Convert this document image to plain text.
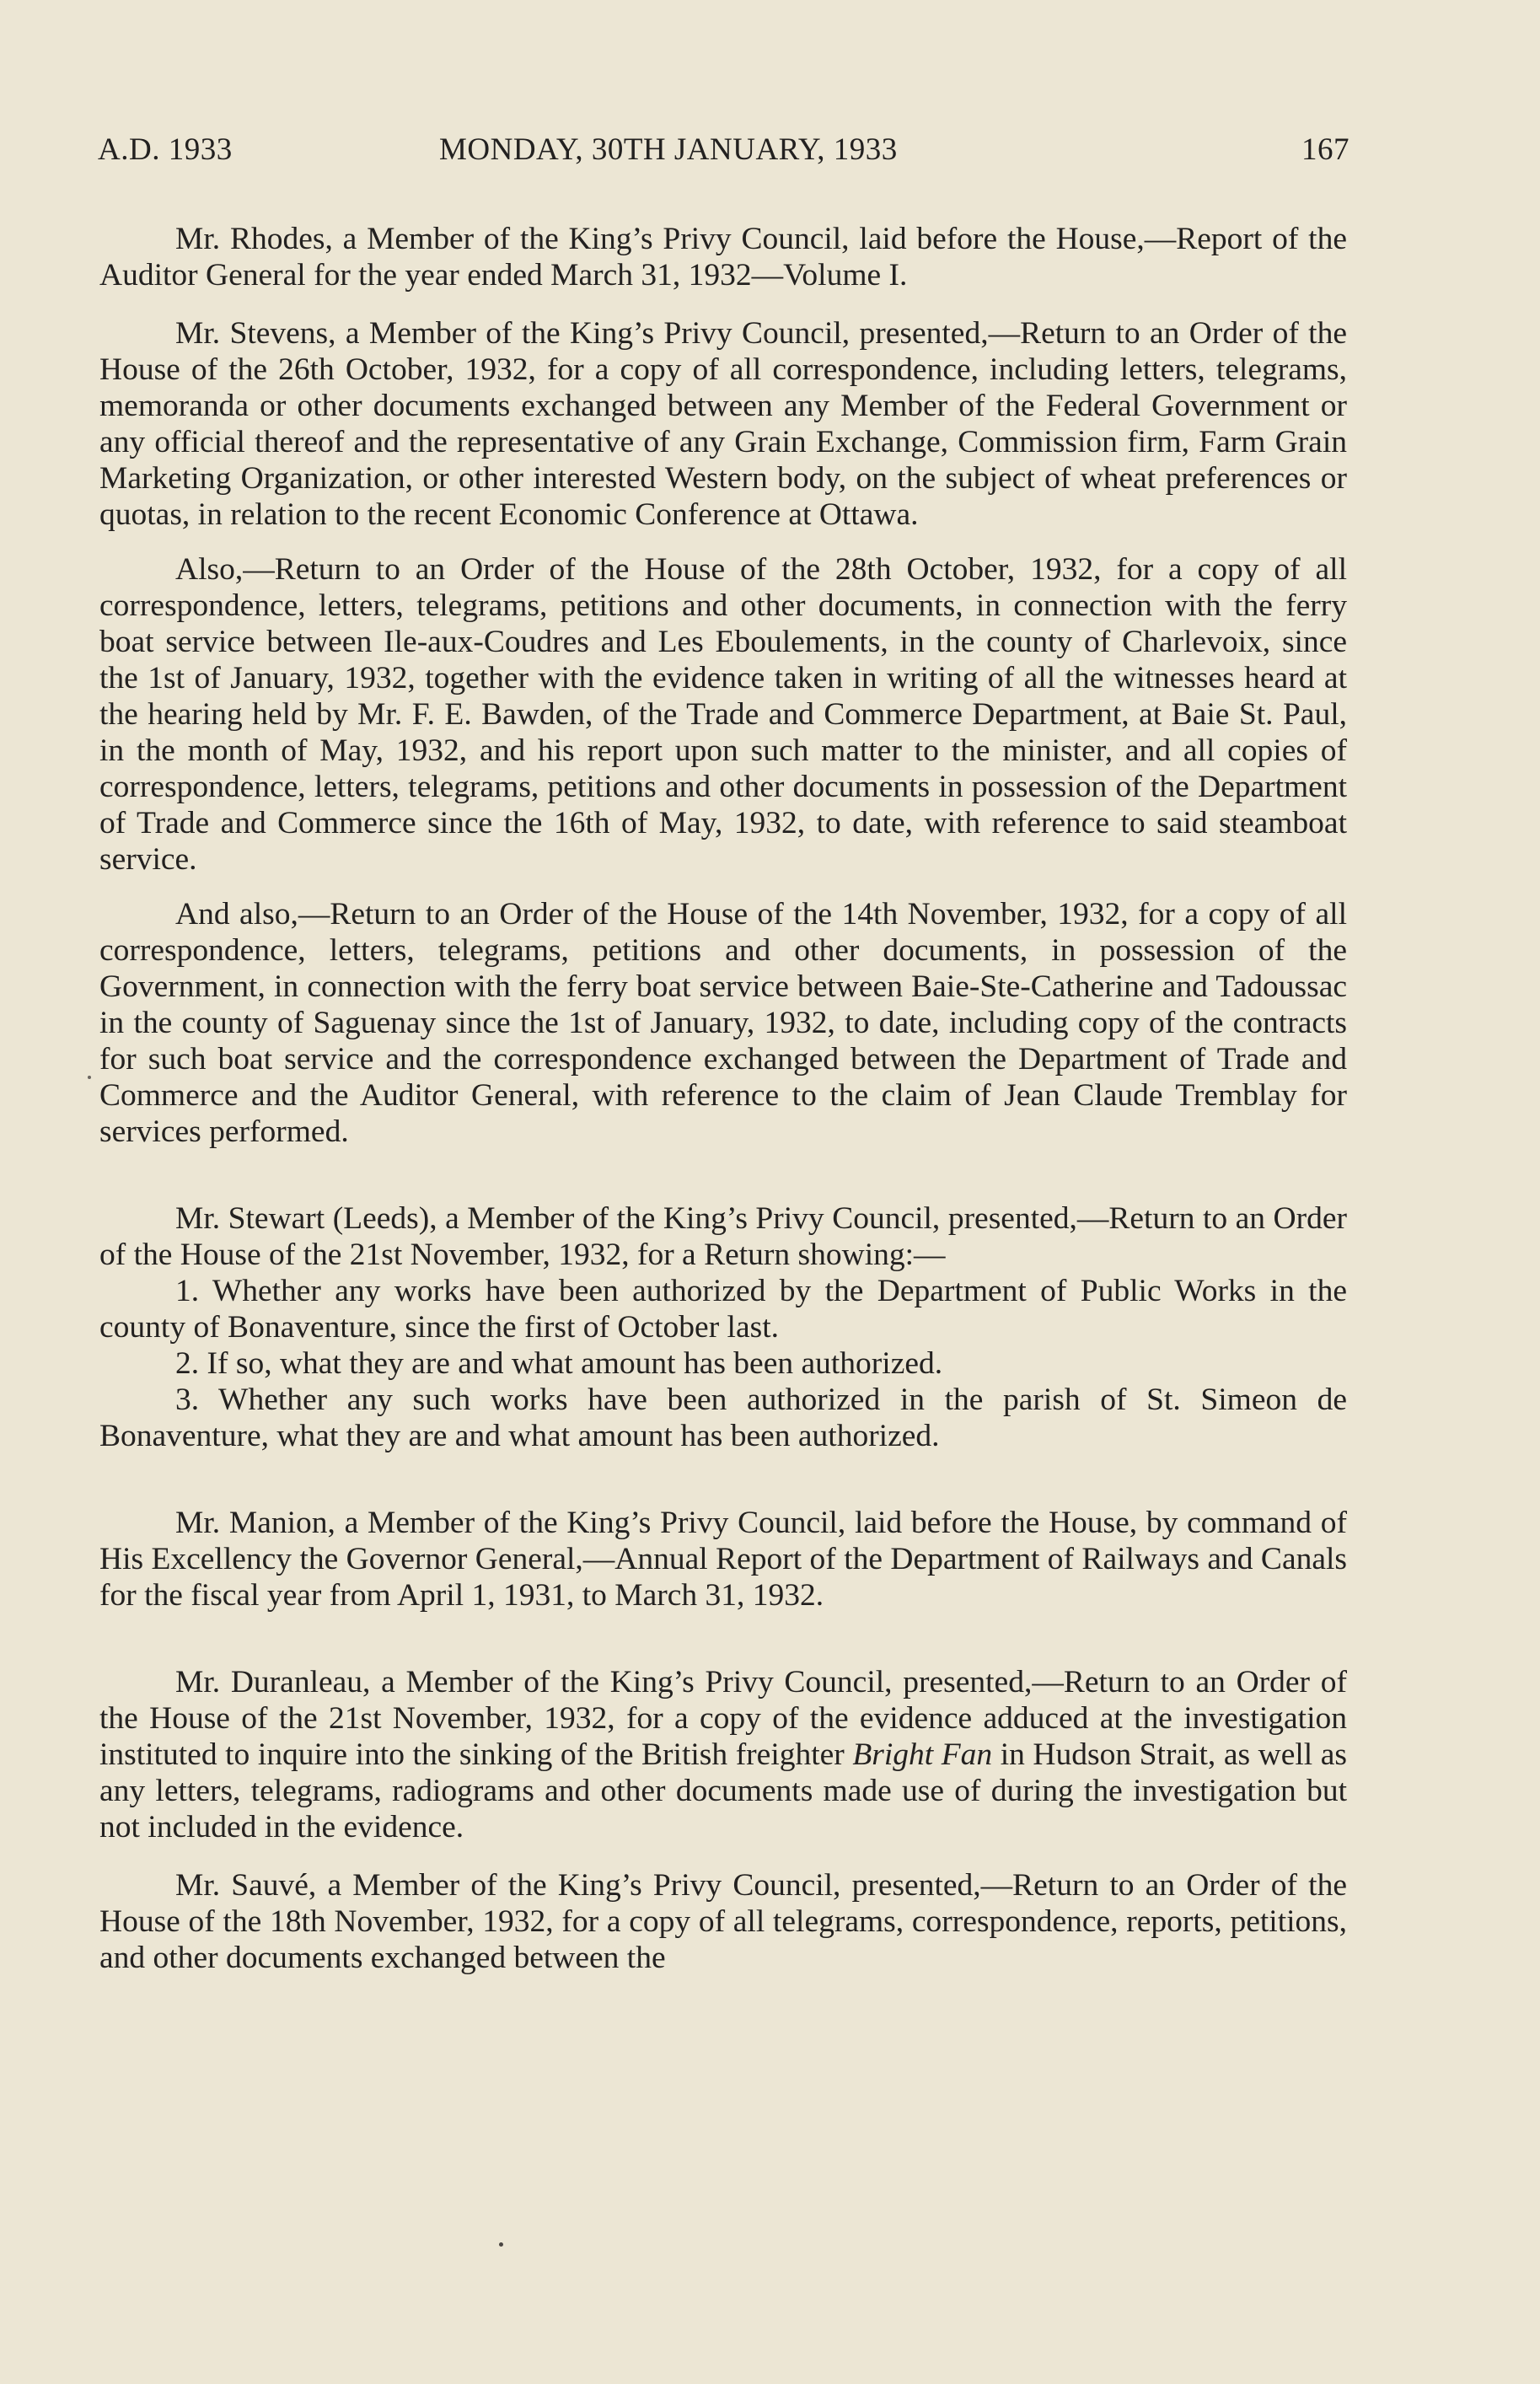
A.D. 1933	MONDAY, 30TH JANUARY, 1933	167

Mr. Rhodes, a Member of the King’s Privy Council, laid before the House,—Report of the Auditor General for the year ended March 31, 1932—Volume I.

Mr. Stevens, a Member of the King’s Privy Council, presented,—Return to an Order of the House of the 26th October, 1932, for a copy of all correspondence, including letters, telegrams, memoranda or other documents exchanged between any Member of the Federal Government or any official thereof and the representative of any Grain Exchange, Commission firm, Farm Grain Marketing Organization, or other interested Western body, on the subject of wheat preferences or quotas, in relation to the recent Economic Conference at Ottawa.

Also,—Return to an Order of the House of the 28th October, 1932, for a copy of all correspondence, letters, telegrams, petitions and other documents, in connection with the ferry boat service between Ile-aux-Coudres and Les Eboulements, in the county of Charlevoix, since the 1st of January, 1932, together with the evidence taken in writing of all the witnesses heard at the hearing held by Mr. F. E. Bawden, of the Trade and Commerce Department, at Baie St. Paul, in the month of May, 1932, and his report upon such matter to the minister, and all copies of correspondence, letters, telegrams, petitions and other documents in possession of the Department of Trade and Commerce since the 16th of May, 1932, to date, with reference to said steamboat service.

And also,—Return to an Order of the House of the 14th November, 1932, for a copy of all correspondence, letters, telegrams, petitions and other documents, in possession of the Government, in connection with the ferry boat service between Baie-Ste-Catherine and Tadoussac in the county of Saguenay since the 1st of January, 1932, to date, including copy of the contracts for such boat service and the correspondence exchanged between the Department of Trade and Commerce and the Auditor General, with reference to the claim of Jean Claude Tremblay for services performed.

Mr. Stewart (Leeds), a Member of the King’s Privy Council, presented,—Return to an Order of the House of the 21st November, 1932, for a Return showing:—

1. Whether any works have been authorized by the Department of Public Works in the county of Bonaventure, since the first of October last.

2. If so, what they are and what amount has been authorized.

3. Whether any such works have been authorized in the parish of St. Simeon de Bonaventure, what they are and what amount has been authorized.

Mr. Manion, a Member of the King’s Privy Council, laid before the House, by command of His Excellency the Governor General,—Annual Report of the Department of Railways and Canals for the fiscal year from April 1, 1931, to March 31, 1932.

Mr. Duranleau, a Member of the King’s Privy Council, presented,—Return to an Order of the House of the 21st November, 1932, for a copy of the evidence adduced at the investigation instituted to inquire into the sinking of the British freighter Bright Fan in Hudson Strait, as well as any letters, telegrams, radiograms and other documents made use of during the investigation but not included in the evidence.

Mr. Sauvé, a Member of the King’s Privy Council, presented,—Return to an Order of the House of the 18th November, 1932, for a copy of all telegrams, correspondence, reports, petitions, and other documents exchanged between the
